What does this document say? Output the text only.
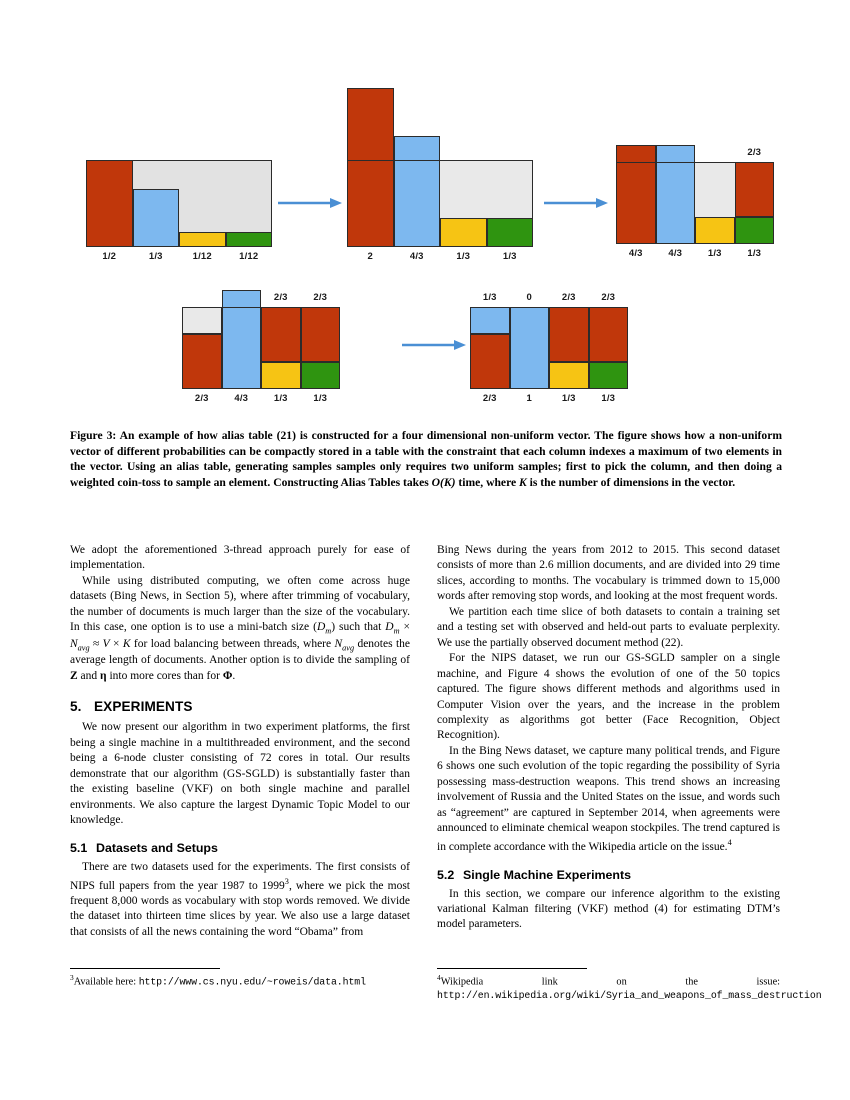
1/2	1/3	1/12	1/12	2	4/3	1/3	1/3
2/3
4/3	4/3	1/3	1/3
2/3	2/3
2/3	4/3	1/3	1/3
1/3	0	2/3	2/3
2/3	1	1/3	1/3
Figure 3: An example of how alias table (21) is constructed for a four dimensional non-uniform vector. The figure shows how a non-uniform vector of different probabilities can be compactly stored in a table with the constraint that each column indexes a maximum of two elements in the vector. Using an alias table, generating samples samples only requires two uniform samples; first to pick the column, and then doing a weighted coin-toss to sample an element. Constructing Alias Tables takes O(K) time, where K is the number of dimensions in the vector.

We adopt the aforementioned 3-thread approach purely for ease of implementation.

While using distributed computing, we often come across huge datasets (Bing News, in Section 5), where after trimming of vocabulary, the number of documents is much larger than the size of the vocabulary. In this case, one option is to use a mini-batch size $(D_m)$ such that $D_m \times N_{avg} \approx V \times K$ for load balancing between threads, where $N_{avg}$ denotes the average length of documents. Another option is to divide the sampling of Z and η into more cores than for Φ.

5. EXPERIMENTS

We now present our algorithm in two experiment platforms, the first being a single machine in a multithreaded environment, and the second being a 6-node cluster consisting of 72 cores in total. Our results demonstrate that our algorithm (GS-SGLD) is substantially faster than the existing baseline (VKF) on both single machine and parallel environments. We also capture the largest Dynamic Topic Model to our knowledge.

5.1 Datasets and Setups

There are two datasets used for the experiments. The first consists of NIPS full papers from the year 1987 to 1999$^3$, where we pick the most frequent 8,000 words as vocabulary with stop words removed. We divide the dataset into thirteen time slices by year. We also use a large dataset that consists of all the news containing the word “Obama” from

Bing News during the years from 2012 to 2015. This second dataset consists of more than 2.6 million documents, and are divided into 29 time slices, according to months. The vocabulary is trimmed down to 15,000 words after removing stop words, and looking at the most frequent words.

We partition each time slice of both datasets to contain a training set and a testing set with observed and held-out parts to evaluate perplexity. We use the partially observed document method (22).

For the NIPS dataset, we run our GS-SGLD sampler on a single machine, and Figure 4 shows the evolution of one of the 50 topics captured. The figure shows different methods and algorithms used in Computer Vision over the years, and the increase in the problem complexity as algorithms got better (Face Recognition, Object Recognition).

In the Bing News dataset, we capture many political trends, and Figure 6 shows one such evolution of the topic regarding the possibility of Syria possessing mass-destruction weapons. This trend shows an increasing involvement of Russia and the United States on the issue, and words such as “agreement” are captured in September 2014, when agreements were announced to eliminate chemical weapon stockpiles. The trend captured is in complete accordance with the Wikipedia article on the issue.$^4$

5.2 Single Machine Experiments

In this section, we compare our inference algorithm to the existing variational Kalman filtering (VKF) method (4) for estimating DTM’s model parameters.

$^3$Available here: http://www.cs.nyu.edu/~roweis/data.html	$^4$Wikipedia link on the issue: http://en.wikipedia.org/wiki/Syria_and_weapons_of_mass_destruction
